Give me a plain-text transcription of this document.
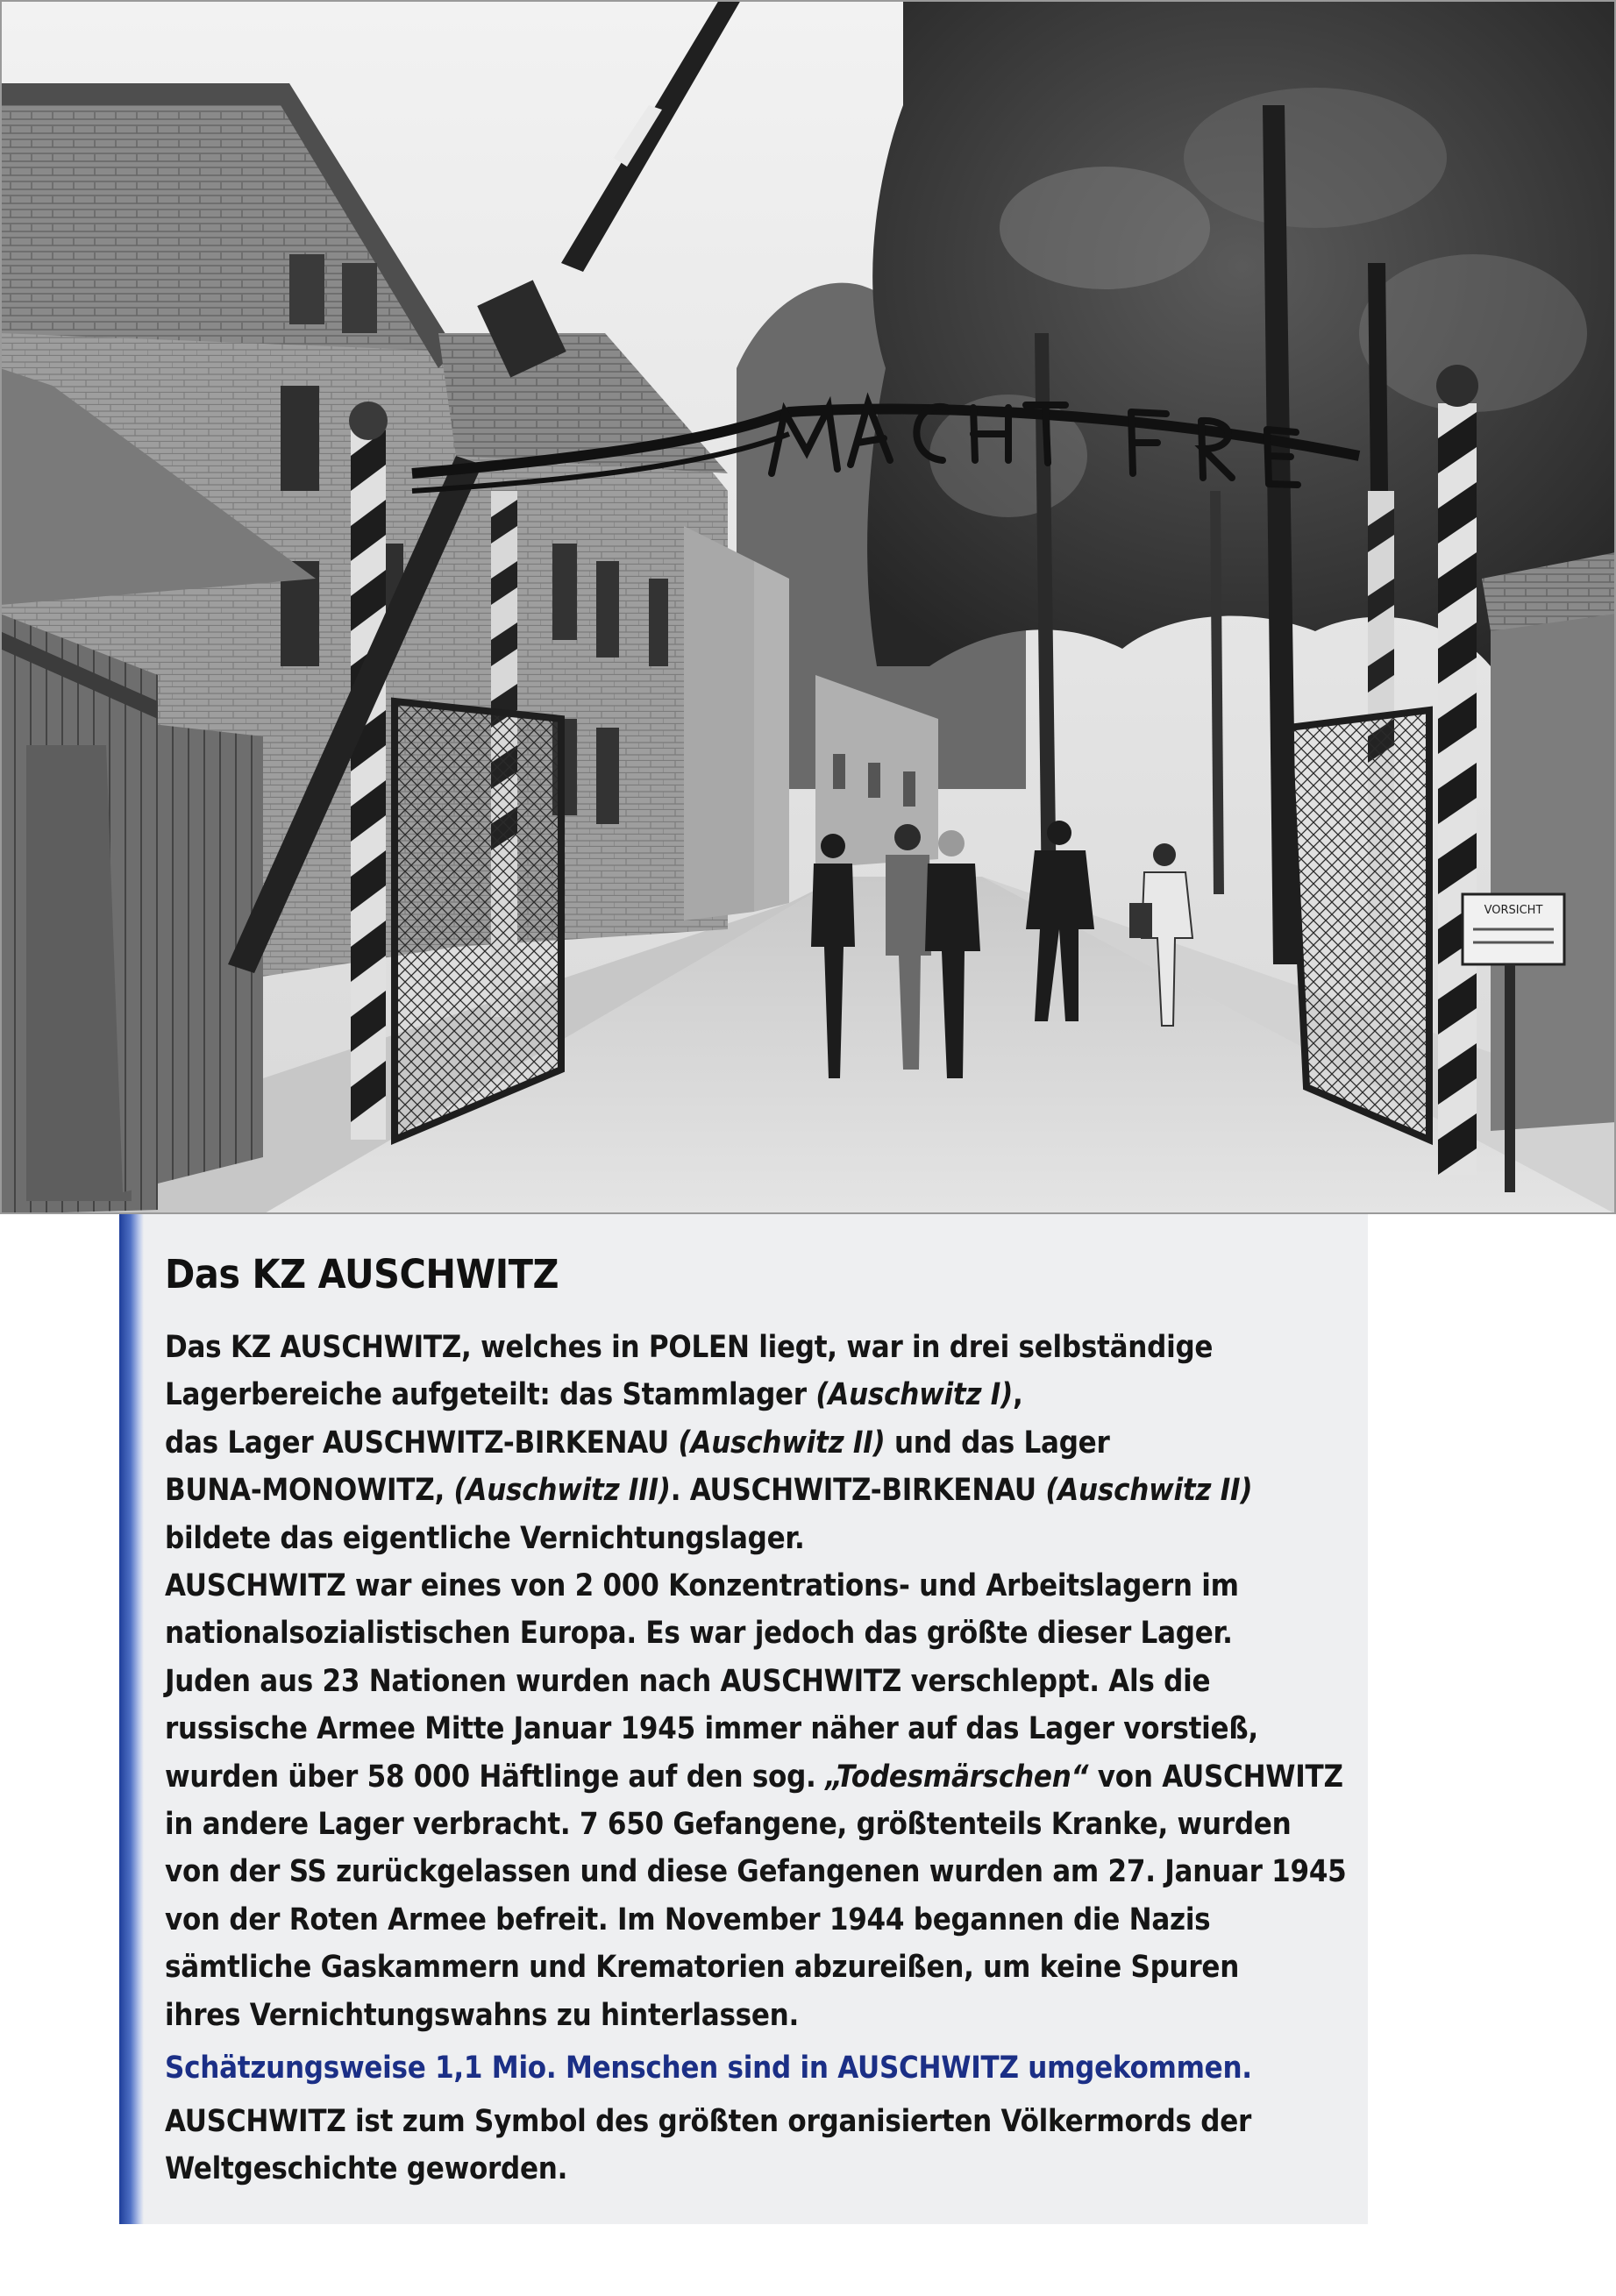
VORSICHT
Das KZ AUSCHWITZ
Das KZ AUSCHWITZ, welches in POLEN liegt, war in drei selbständige
Lagerbereiche aufgeteilt: das Stammlager (Auschwitz I),
das Lager AUSCHWITZ-BIRKENAU (Auschwitz II) und das Lager
BUNA-MONOWITZ, (Auschwitz III). AUSCHWITZ-BIRKENAU (Auschwitz II)
bildete das eigentliche Vernichtungslager.
AUSCHWITZ war eines von 2 000 Konzentrations- und Arbeitslagern im
nationalsozialistischen Europa. Es war jedoch das größte dieser Lager.
Juden aus 23 Nationen wurden nach AUSCHWITZ verschleppt. Als die
russische Armee Mitte Januar 1945 immer näher auf das Lager vorstieß,
wurden über 58 000 Häftlinge auf den sog. „Todesmärschen“ von AUSCHWITZ
in andere Lager verbracht. 7 650 Gefangene, größtenteils Kranke, wurden
von der SS zurückgelassen und diese Gefangenen wurden am 27. Januar 1945
von der Roten Armee befreit. Im November 1944 begannen die Nazis
sämtliche Gaskammern und Krematorien abzureißen, um keine Spuren
ihres Vernichtungswahns zu hinterlassen.
Schätzungsweise 1,1 Mio. Menschen sind in AUSCHWITZ umgekommen.
AUSCHWITZ ist zum Symbol des größten organisierten Völkermords der
Weltgeschichte geworden.
